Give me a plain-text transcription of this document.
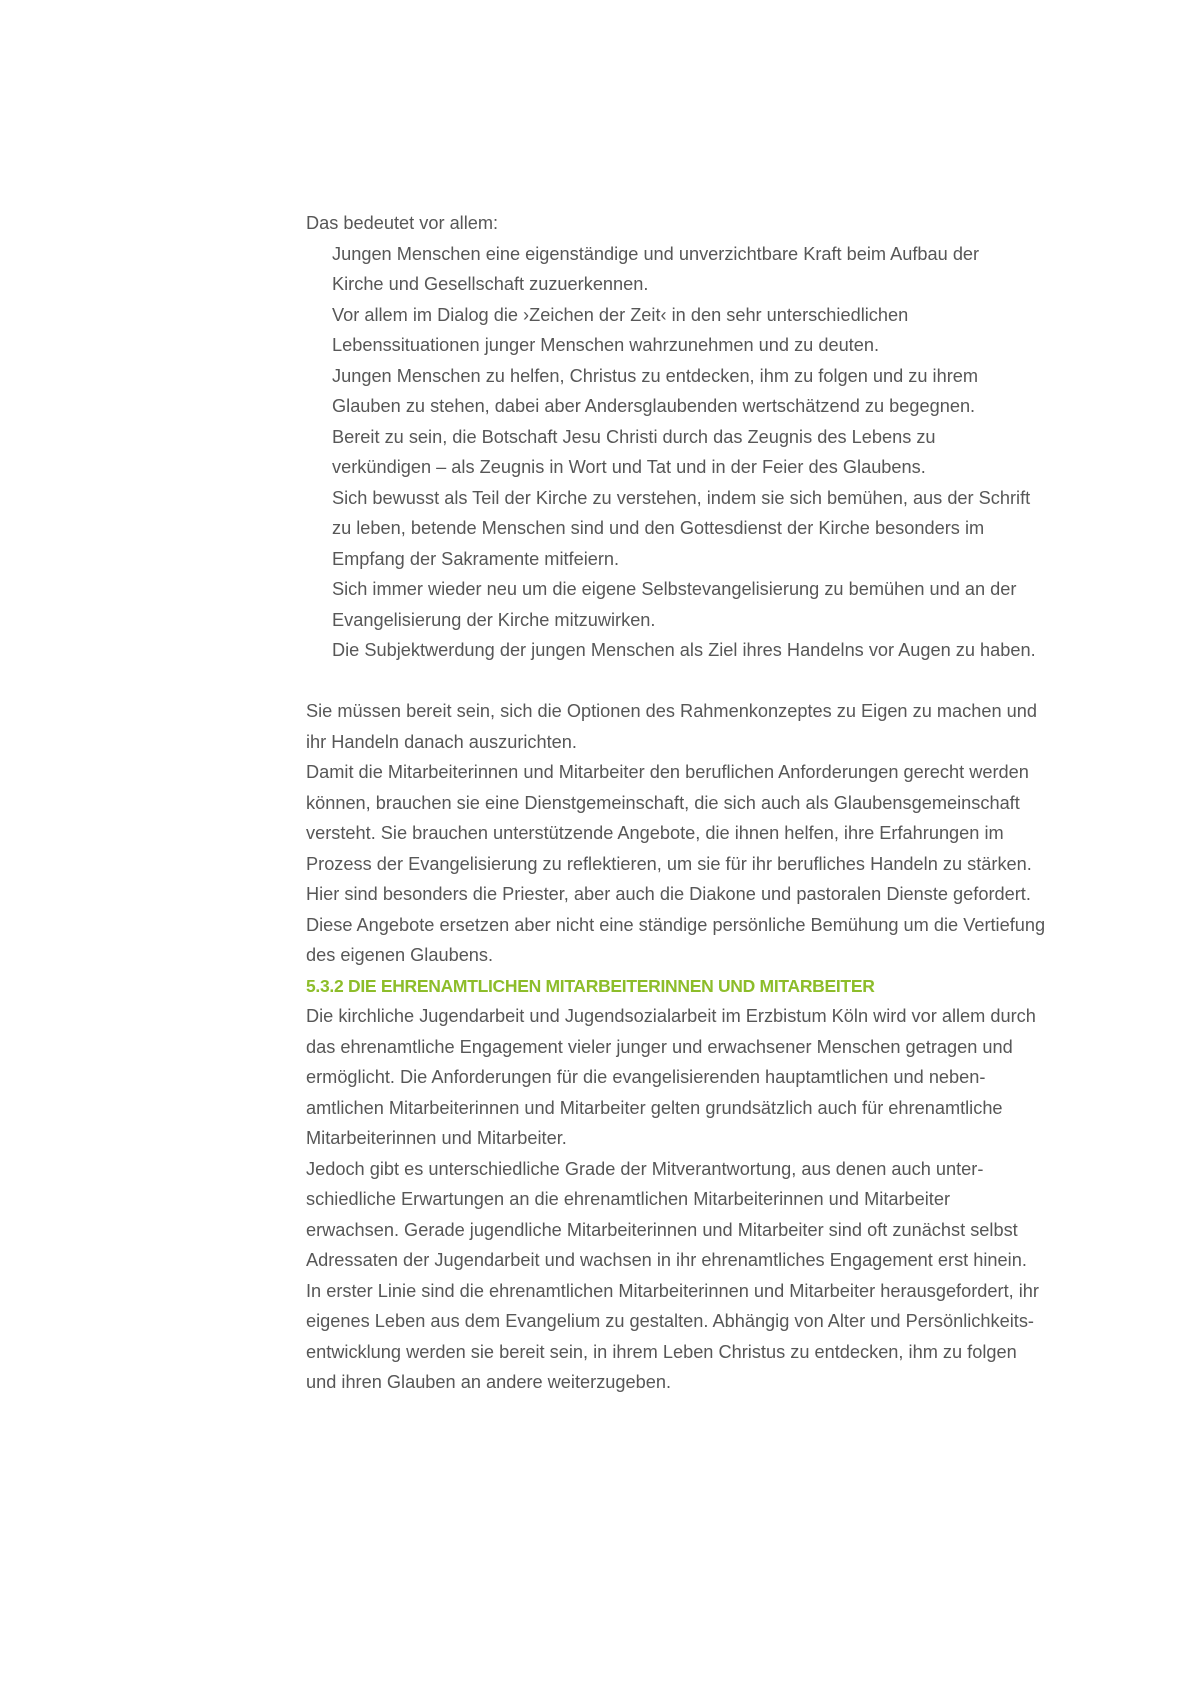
Das bedeutet vor allem:

Jungen Menschen eine eigenständige und unverzichtbare Kraft beim Aufbau der
Kirche und Gesellschaft zuzuerkennen.

Vor allem im Dialog die ›Zeichen der Zeit‹ in den sehr unterschiedlichen
Lebenssituationen junger Menschen wahrzunehmen und zu deuten.

Jungen Menschen zu helfen, Christus zu entdecken, ihm zu folgen und zu ihrem
Glauben zu stehen, dabei aber Andersglaubenden wertschätzend zu begegnen.

Bereit zu sein, die Botschaft Jesu Christi durch das Zeugnis des Lebens zu
verkündigen – als Zeugnis in Wort und Tat und in der Feier des Glaubens.

Sich bewusst als Teil der Kirche zu verstehen, indem sie sich bemühen, aus der Schrift
zu leben, betende Menschen sind und den Gottesdienst der Kirche besonders im
Empfang der Sakramente mitfeiern.

Sich immer wieder neu um die eigene Selbstevangelisierung zu bemühen und an der
Evangelisierung der Kirche mitzuwirken.

Die Subjektwerdung der jungen Menschen als Ziel ihres Handelns vor Augen zu haben.

Sie müssen bereit sein, sich die Optionen des Rahmenkonzeptes zu Eigen zu machen und
ihr Handeln danach auszurichten.

Damit die Mitarbeiterinnen und Mitarbeiter den beruflichen Anforderungen gerecht werden
können, brauchen sie eine Dienstgemeinschaft, die sich auch als Glaubensgemeinschaft
versteht. Sie brauchen unterstützende Angebote, die ihnen helfen, ihre Erfahrungen im
Prozess der Evangelisierung zu reflektieren, um sie für ihr berufliches Handeln zu stärken.
Hier sind besonders die Priester, aber auch die Diakone und pastoralen Dienste gefordert.
Diese Angebote ersetzen aber nicht eine ständige persönliche Bemühung um die Vertiefung
des eigenen Glaubens.

5.3.2 DIE EHRENAMTLICHEN MITARBEITERINNEN UND MITARBEITER

Die kirchliche Jugendarbeit und Jugendsozialarbeit im Erzbistum Köln wird vor allem durch
das ehrenamtliche Engagement vieler junger und erwachsener Menschen getragen und
ermöglicht. Die Anforderungen für die evangelisierenden hauptamtlichen und neben-
amtlichen Mitarbeiterinnen und Mitarbeiter gelten grundsätzlich auch für ehrenamtliche
Mitarbeiterinnen und Mitarbeiter.

Jedoch gibt es unterschiedliche Grade der Mitverantwortung, aus denen auch unter-
schiedliche Erwartungen an die ehrenamtlichen Mitarbeiterinnen und Mitarbeiter
erwachsen. Gerade jugendliche Mitarbeiterinnen und Mitarbeiter sind oft zunächst selbst
Adressaten der Jugendarbeit und wachsen in ihr ehrenamtliches Engagement erst hinein.

In erster Linie sind die ehrenamtlichen Mitarbeiterinnen und Mitarbeiter herausgefordert, ihr
eigenes Leben aus dem Evangelium zu gestalten. Abhängig von Alter und Persönlichkeits-
entwicklung werden sie bereit sein, in ihrem Leben Christus zu entdecken, ihm zu folgen
und ihren Glauben an andere weiterzugeben.
